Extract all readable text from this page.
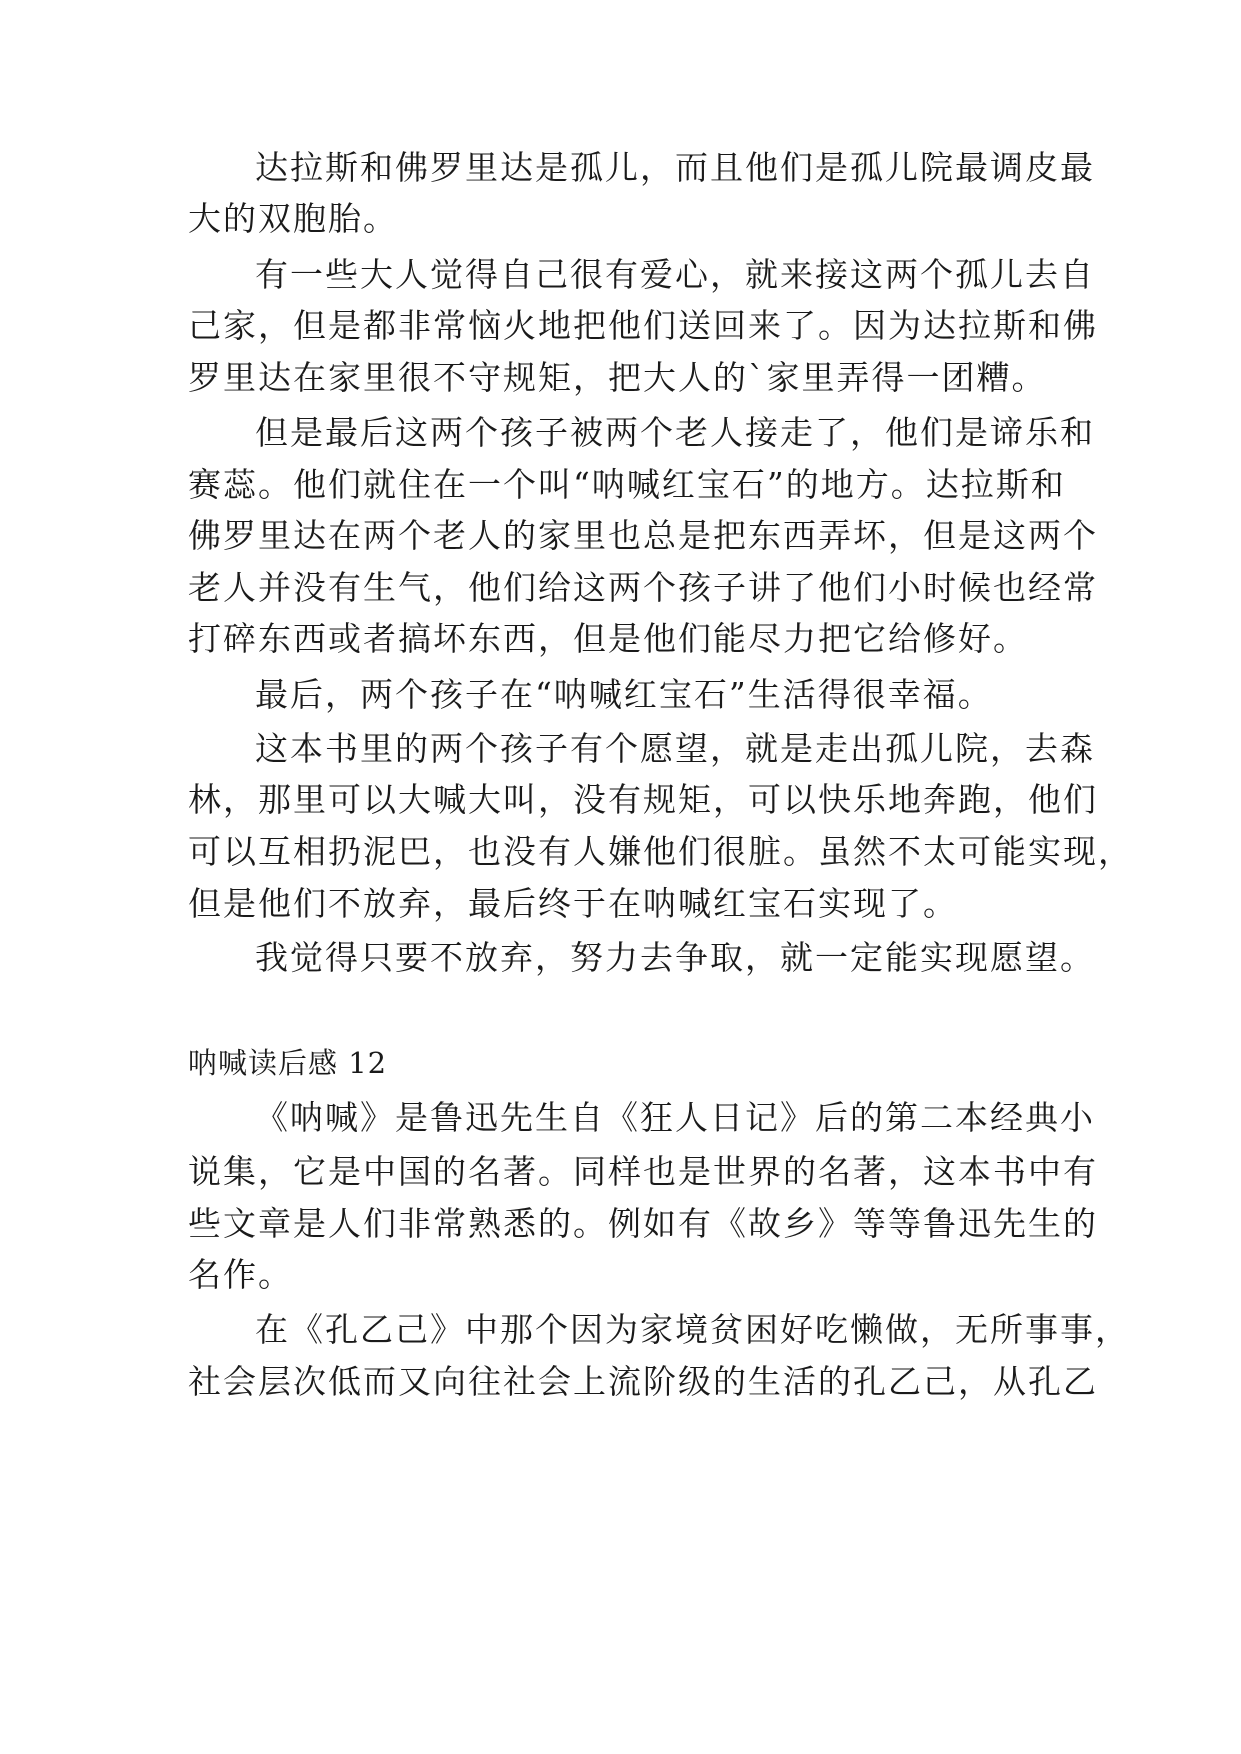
达拉斯和佛罗里达是孤儿，而且他们是孤儿院最调皮最
大的双胞胎。
有一些大人觉得自己很有爱心，就来接这两个孤儿去自
己家，但是都非常恼火地把他们送回来了。因为达拉斯和佛
罗里达在家里很不守规矩，把大人的`家里弄得一团糟。
但是最后这两个孩子被两个老人接走了，他们是谛乐和
赛蕊。他们就住在一个叫“呐喊红宝石”的地方。达拉斯和
佛罗里达在两个老人的家里也总是把东西弄坏，但是这两个
老人并没有生气，他们给这两个孩子讲了他们小时候也经常
打碎东西或者搞坏东西，但是他们能尽力把它给修好。
最后，两个孩子在“呐喊红宝石”生活得很幸福。
这本书里的两个孩子有个愿望，就是走出孤儿院，去森
林，那里可以大喊大叫，没有规矩，可以快乐地奔跑，他们
可以互相扔泥巴，也没有人嫌他们很脏。虽然不太可能实现，
但是他们不放弃，最后终于在呐喊红宝石实现了。
我觉得只要不放弃，努力去争取，就一定能实现愿望。
呐喊读后感 12
《呐喊》是鲁迅先生自《狂人日记》后的第二本经典小
说集，它是中国的名著。同样也是世界的名著，这本书中有
些文章是人们非常熟悉的。例如有《故乡》等等鲁迅先生的
名作。
在《孔乙己》中那个因为家境贫困好吃懒做，无所事事，
社会层次低而又向往社会上流阶级的生活的孔乙己，从孔乙
